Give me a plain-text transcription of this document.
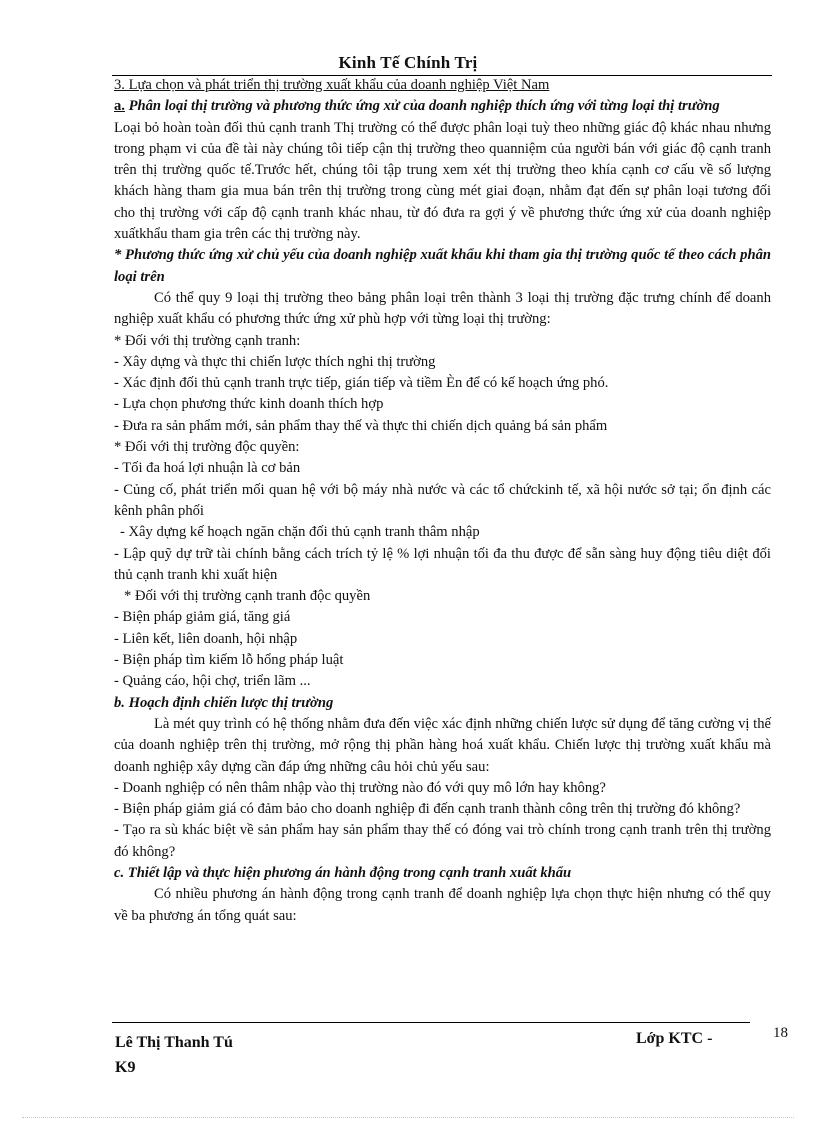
Kinh Tế Chính Trị

3. Lựa chọn và phát triển thị trường xuất khẩu của doanh nghiệp Việt Nam

a. Phân loại thị trường và phương thức ứng xử của doanh nghiệp thích ứng với từng loại thị trường

Loại bỏ hoàn toàn đối thủ cạnh tranh Thị trường có thể được phân loại tuỳ theo những giác độ khác nhau nhưng trong phạm vi của đề tài này chúng tôi tiếp cận thị trường theo quanniệm của người bán với giác độ cạnh tranh trên thị trường quốc tế.Trước hết, chúng tôi tập trung xem xét thị trường theo khía cạnh cơ cấu về số lượng khách hàng tham gia mua bán trên thị trường trong cùng mét giai đoạn, nhằm đạt đến sự phân loại tương đối cho thị trường với cấp độ cạnh tranh khác nhau, từ đó đưa ra gợi ý về phương thức ứng xử của doanh nghiệp xuấtkhẩu tham gia trên các thị trường này.

* Phương thức ứng xử chủ yếu của doanh nghiệp xuất khẩu khi tham gia thị trường quốc tế theo cách phân loại trên

Có thể quy 9 loại thị trường theo bảng phân loại trên thành 3 loại thị trường đặc trưng chính để doanh nghiệp xuất khẩu có phương thức ứng xử phù hợp với từng loại thị trường:

* Đối với thị trường cạnh tranh:

- Xây dựng và thực thi chiến lược thích nghi thị trường

- Xác định đối thủ cạnh tranh trực tiếp, gián tiếp và tiềm Èn để có kế hoạch ứng phó.

- Lựa chọn phương thức kinh doanh thích hợp

- Đưa ra sản phẩm mới, sản phẩm thay thế và thực thi chiến dịch quảng bá sản phẩm

* Đối với thị trường độc quyền:

- Tối đa hoá lợi nhuận là cơ bản

- Củng cố, phát triển mối quan hệ với bộ máy nhà nước và các tổ chứckinh tế, xã hội nước sở tại; ổn định các kênh phân phối

- Xây dựng kế hoạch ngăn chặn đối thủ cạnh tranh thâm nhập

- Lập quỹ dự trữ tài chính bằng cách trích tỷ lệ % lợi nhuận tối đa thu được để sẵn sàng huy động tiêu diệt đối thủ cạnh tranh khi xuất hiện

* Đối với thị trường cạnh tranh độc quyền

- Biện pháp giảm giá, tăng giá

- Liên kết, liên doanh, hội nhập

- Biện pháp tìm kiếm lỗ hổng pháp luật

- Quảng cáo, hội chợ, triển lãm ...

b. Hoạch định chiến lược thị trường

Là mét quy trình có hệ thống nhằm đưa đến việc xác định những chiến lược sử dụng để tăng cường vị thế của doanh nghiệp trên thị trường, mở rộng thị phần hàng hoá xuất khẩu. Chiến lược thị trường xuất khẩu mà doanh nghiệp xây dựng cần đáp ứng những câu hỏi chủ yếu sau:

- Doanh nghiệp có nên thâm nhập vào thị trường nào đó với quy mô lớn hay không?

- Biện pháp giảm giá có đảm bảo cho doanh nghiệp đi đến cạnh tranh thành công trên thị trường đó không?

- Tạo ra sù khác biệt về sản phẩm hay sản phẩm thay thế có đóng vai trò chính trong cạnh tranh trên thị trường đó không?

c. Thiết lập và thực hiện phương án hành động trong cạnh tranh xuất khẩu

Có nhiều phương án hành động trong cạnh tranh để doanh nghiệp lựa chọn thực hiện nhưng có thể quy về ba phương án tổng quát sau:

Lê Thị Thanh Tú
K9
Lớp KTC -	18
